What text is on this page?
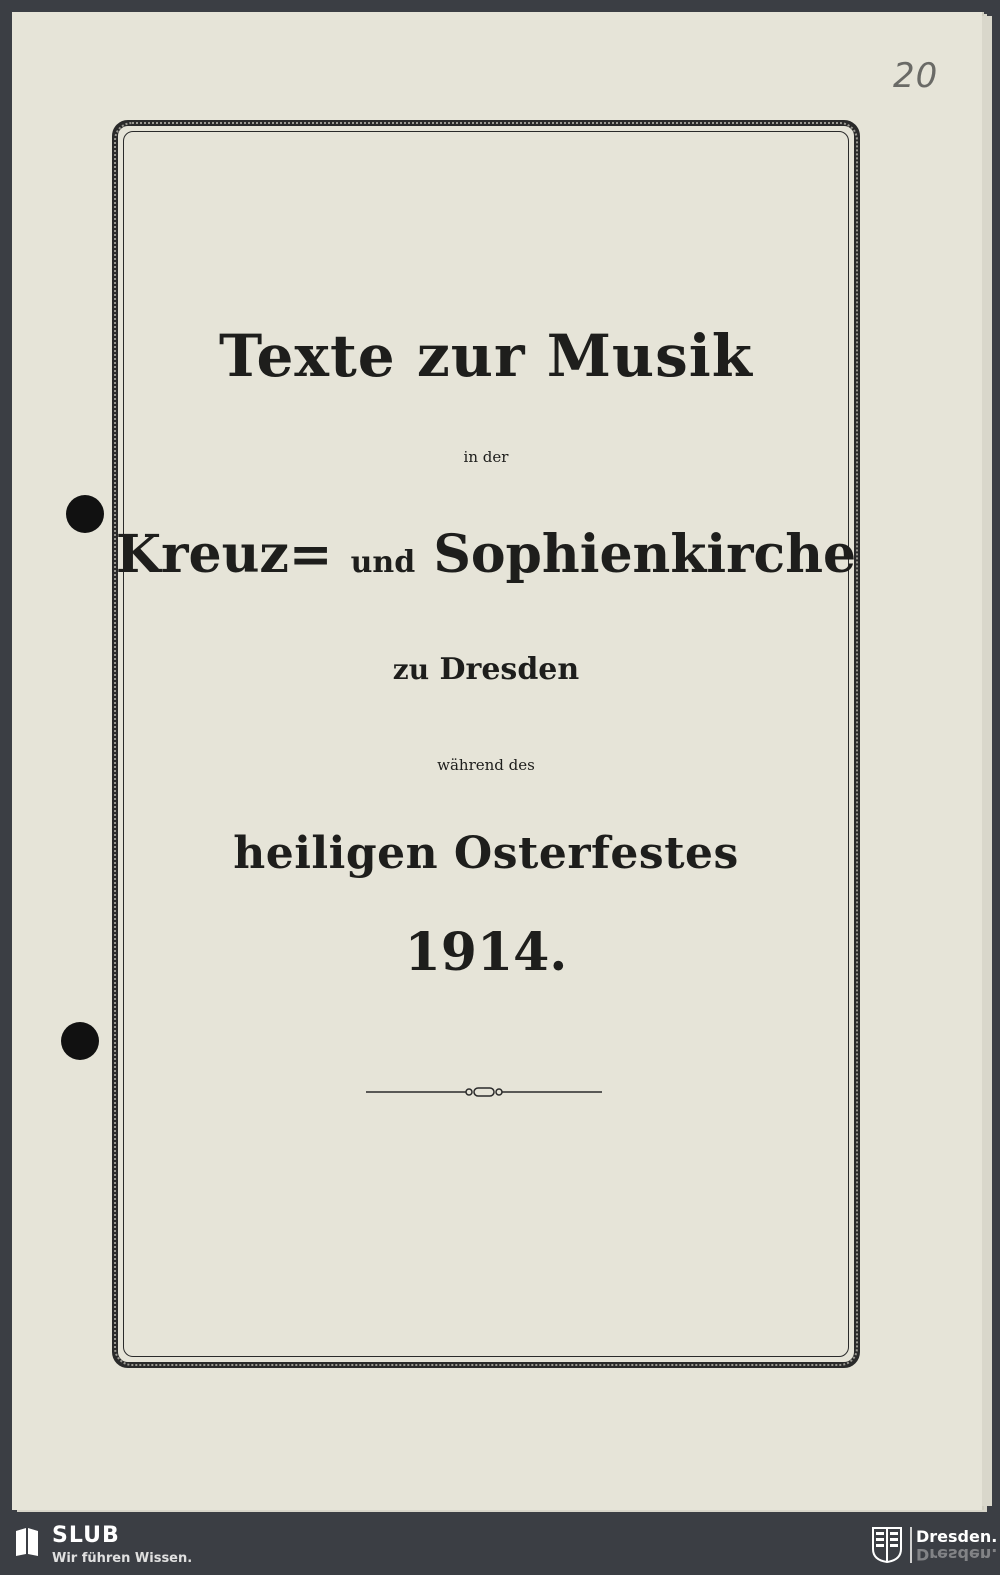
20
Texte zur Musik
in der
Kreuz= und Sophienkirche
zu Dresden
während des
heiligen Osterfestes
1914.
SLUB
Wir führen Wissen.
Dresden.
Dresden.
